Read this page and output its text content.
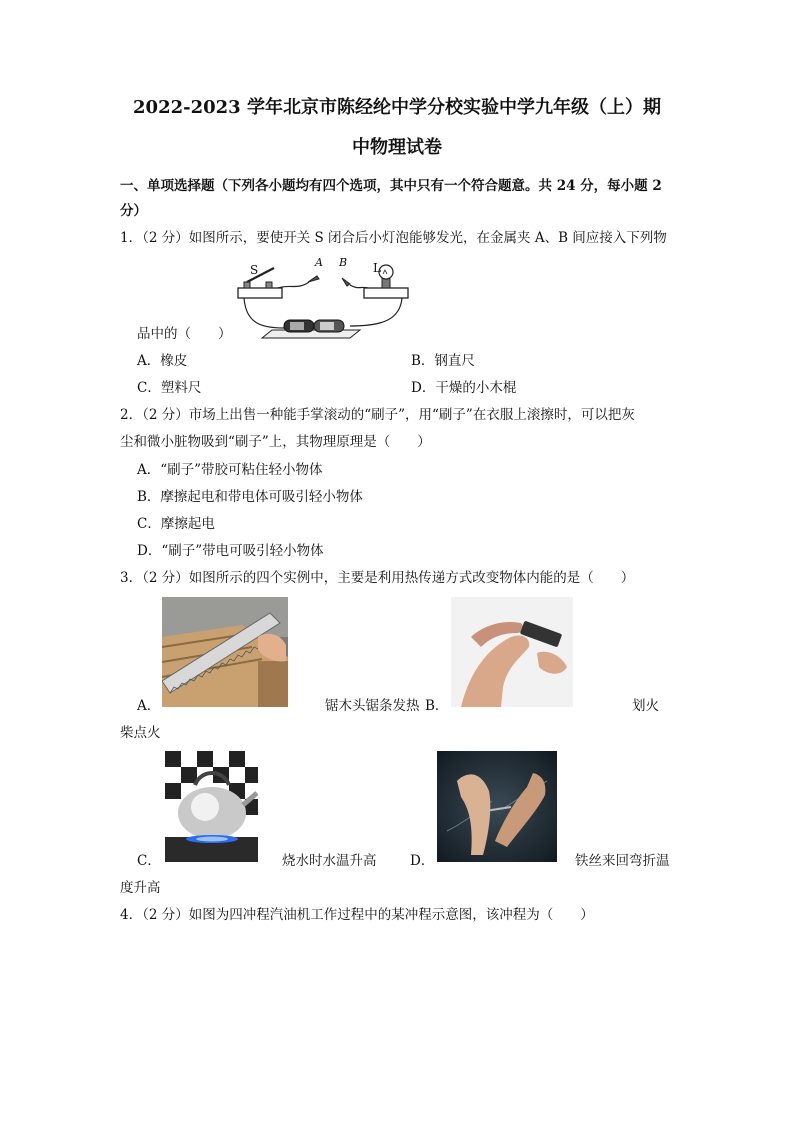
2022-2023 学年北京市陈经纶中学分校实验中学九年级（上）期
中物理试卷
一、单项选择题（下列各小题均有四个选项，其中只有一个符合题意。共 24 分，每小题 2
分）
1．（2 分）如图所示，要使开关 S 闭合后小灯泡能够发光，在金属夹 A、B 间应接入下列物
S
A B L
品中的（　　）
A．橡皮	B．钢直尺
C．塑料尺	D．干燥的小木棍
2．（2 分）市场上出售一种能手掌滚动的“刷子”，用“刷子”在衣服上滚擦时，可以把灰
尘和微小脏物吸到“刷子”上，其物理原理是（　　）
A．“刷子”带胶可粘住轻小物体
B．摩擦起电和带电体可吸引轻小物体
C．摩擦起电
D．“刷子”带电可吸引轻小物体
3．（2 分）如图所示的四个实例中，主要是利用热传递方式改变物体内能的是（　　）
A．	锯木头锯条发热 B．	划火
柴点火
C．	烧水时水温升高 D．	铁丝来回弯折温
度升高
4．（2 分）如图为四冲程汽油机工作过程中的某冲程示意图，该冲程为（　　）
